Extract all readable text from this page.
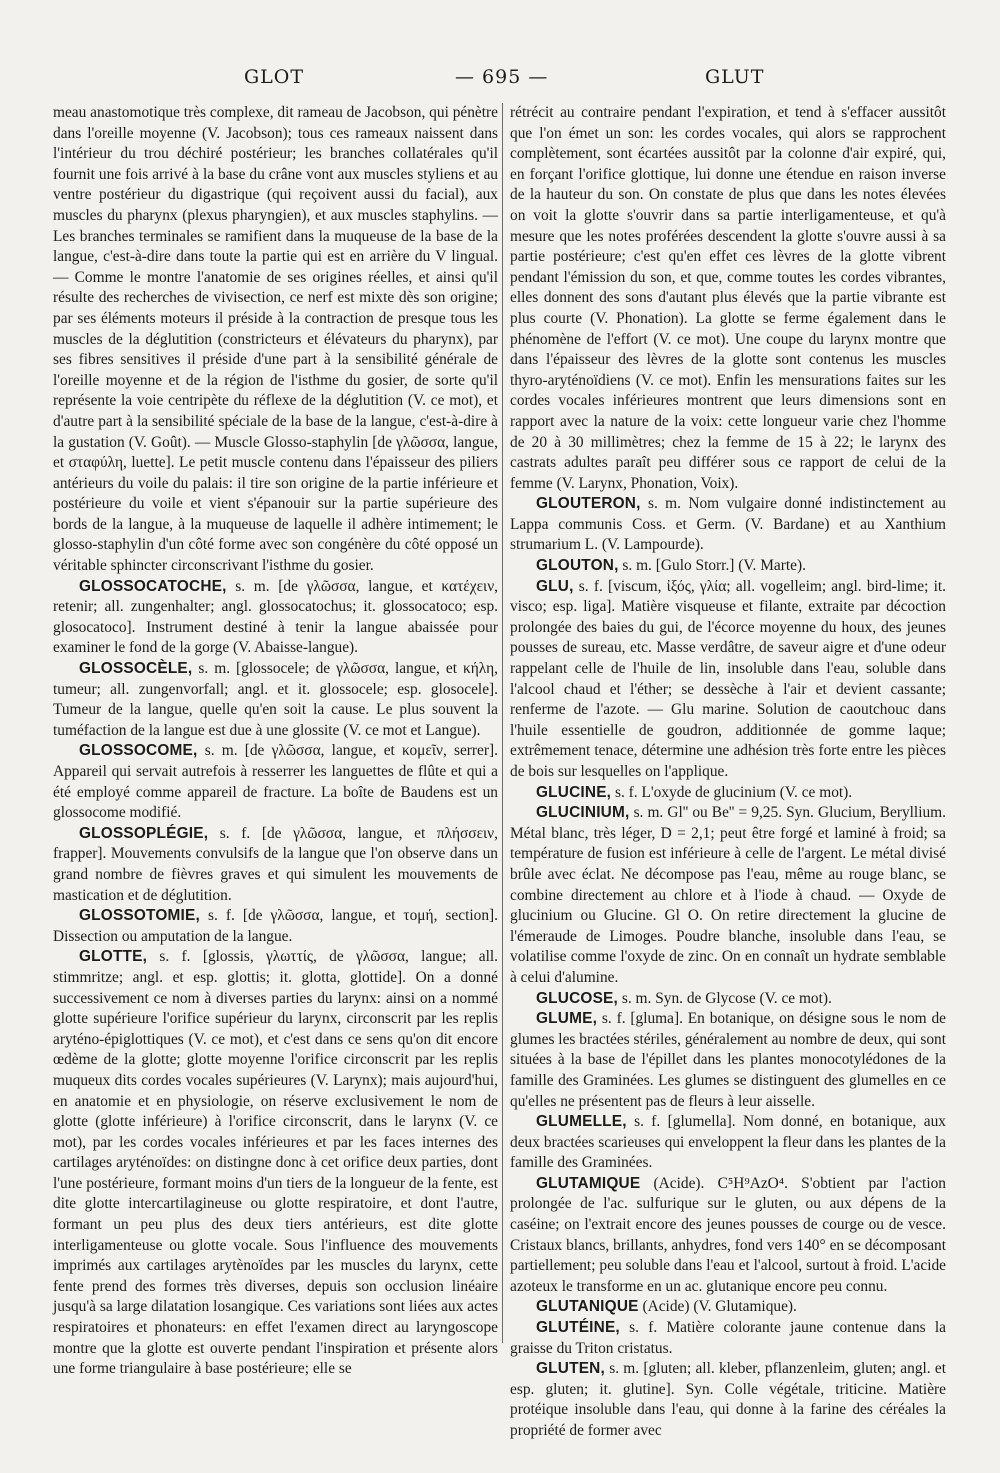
GLOT	— 695 —	GLUT

meau anastomotique très complexe, dit rameau de Jacobson, qui pénètre dans l'oreille moyenne (V. Jacobson); tous ces rameaux naissent dans l'intérieur du trou déchiré postérieur; les branches collatérales qu'il fournit une fois arrivé à la base du crâne vont aux muscles styliens et au ventre postérieur du digastrique (qui reçoivent aussi du facial), aux muscles du pharynx (plexus pharyngien), et aux muscles staphylins. — Les branches terminales se ramifient dans la muqueuse de la base de la langue, c'est-à-dire dans toute la partie qui est en arrière du V lingual. — Comme le montre l'anatomie de ses origines réelles, et ainsi qu'il résulte des recherches de vivisection, ce nerf est mixte dès son origine; par ses éléments moteurs il préside à la contraction de presque tous les muscles de la déglutition (constricteurs et élévateurs du pharynx), par ses fibres sensitives il préside d'une part à la sensibilité générale de l'oreille moyenne et de la région de l'isthme du gosier, de sorte qu'il représente la voie centripète du réflexe de la déglutition (V. ce mot), et d'autre part à la sensibilité spéciale de la base de la langue, c'est-à-dire à la gustation (V. Goût). — Muscle Glosso-staphylin [de γλῶσσα, langue, et σταφύλη, luette]. Le petit muscle contenu dans l'épaisseur des piliers antérieurs du voile du palais: il tire son origine de la partie inférieure et postérieure du voile et vient s'épanouir sur la partie supérieure des bords de la langue, à la muqueuse de laquelle il adhère intimement; le glosso-staphylin d'un côté forme avec son congénère du côté opposé un véritable sphincter circonscrivant l'isthme du gosier.

GLOSSOCATOCHE, s. m. [de γλῶσσα, langue, et κατέχειν, retenir; all. zungenhalter; angl. glossocatochus; it. glossocatoco; esp. glosocatoco]. Instrument destiné à tenir la langue abaissée pour examiner le fond de la gorge (V. Abaisse-langue).

GLOSSOCÈLE, s. m. [glossocele; de γλῶσσα, langue, et κήλη, tumeur; all. zungenvorfall; angl. et it. glossocele; esp. glosocele]. Tumeur de la langue, quelle qu'en soit la cause. Le plus souvent la tuméfaction de la langue est due à une glossite (V. ce mot et Langue).

GLOSSOCOME, s. m. [de γλῶσσα, langue, et κομεῖν, serrer]. Appareil qui servait autrefois à resserrer les languettes de flûte et qui a été employé comme appareil de fracture. La boîte de Baudens est un glossocome modifié.

GLOSSOPLÉGIE, s. f. [de γλῶσσα, langue, et πλήσσειν, frapper]. Mouvements convulsifs de la langue que l'on observe dans un grand nombre de fièvres graves et qui simulent les mouvements de mastication et de déglutition.

GLOSSOTOMIE, s. f. [de γλῶσσα, langue, et τομή, section]. Dissection ou amputation de la langue.

GLOTTE, s. f. [glossis, γλωττίς, de γλῶσσα, langue; all. stimmritze; angl. et esp. glottis; it. glotta, glottide]. On a donné successivement ce nom à diverses parties du larynx: ainsi on a nommé glotte supérieure l'orifice supérieur du larynx, circonscrit par les replis aryténo-épiglottiques (V. ce mot), et c'est dans ce sens qu'on dit encore œdème de la glotte; glotte moyenne l'orifice circonscrit par les replis muqueux dits cordes vocales supérieures (V. Larynx); mais aujourd'hui, en anatomie et en physiologie, on réserve exclusivement le nom de glotte (glotte inférieure) à l'orifice circonscrit, dans le larynx (V. ce mot), par les cordes vocales inférieures et par les faces internes des cartilages aryténoïdes: on distingne donc à cet orifice deux parties, dont l'une postérieure, formant moins d'un tiers de la longueur de la fente, est dite glotte intercartilagineuse ou glotte respiratoire, et dont l'autre, formant un peu plus des deux tiers antérieurs, est dite glotte interligamenteuse ou glotte vocale. Sous l'influence des mouvements imprimés aux cartilages arytènoïdes par les muscles du larynx, cette fente prend des formes très diverses, depuis son occlusion linéaire jusqu'à sa large dilatation losangique. Ces variations sont liées aux actes respiratoires et phonateurs: en effet l'examen direct au laryngoscope montre que la glotte est ouverte pendant l'inspiration et présente alors une forme triangulaire à base postérieure; elle se

rétrécit au contraire pendant l'expiration, et tend à s'effacer aussitôt que l'on émet un son: les cordes vocales, qui alors se rapprochent complètement, sont écartées aussitôt par la colonne d'air expiré, qui, en forçant l'orifice glottique, lui donne une étendue en raison inverse de la hauteur du son. On constate de plus que dans les notes élevées on voit la glotte s'ouvrir dans sa partie interligamenteuse, et qu'à mesure que les notes proférées descendent la glotte s'ouvre aussi à sa partie postérieure; c'est qu'en effet ces lèvres de la glotte vibrent pendant l'émission du son, et que, comme toutes les cordes vibrantes, elles donnent des sons d'autant plus élevés que la partie vibrante est plus courte (V. Phonation). La glotte se ferme également dans le phénomène de l'effort (V. ce mot). Une coupe du larynx montre que dans l'épaisseur des lèvres de la glotte sont contenus les muscles thyro-aryténoïdiens (V. ce mot). Enfin les mensurations faites sur les cordes vocales inférieures montrent que leurs dimensions sont en rapport avec la nature de la voix: cette longueur varie chez l'homme de 20 à 30 millimètres; chez la femme de 15 à 22; le larynx des castrats adultes paraît peu différer sous ce rapport de celui de la femme (V. Larynx, Phonation, Voix).

GLOUTERON, s. m. Nom vulgaire donné indistinctement au Lappa communis Coss. et Germ. (V. Bardane) et au Xanthium strumarium L. (V. Lampourde).

GLOUTON, s. m. [Gulo Storr.] (V. Marte).

GLU, s. f. [viscum, ἰξός, γλία; all. vogelleim; angl. bird-lime; it. visco; esp. liga]. Matière visqueuse et filante, extraite par décoction prolongée des baies du gui, de l'écorce moyenne du houx, des jeunes pousses de sureau, etc. Masse verdâtre, de saveur aigre et d'une odeur rappelant celle de l'huile de lin, insoluble dans l'eau, soluble dans l'alcool chaud et l'éther; se dessèche à l'air et devient cassante; renferme de l'azote. — Glu marine. Solution de caoutchouc dans l'huile essentielle de goudron, additionnée de gomme laque; extrêmement tenace, détermine une adhésion très forte entre les pièces de bois sur lesquelles on l'applique.

GLUCINE, s. f. L'oxyde de glucinium (V. ce mot).

GLUCINIUM, s. m. Gl'' ou Be'' = 9,25. Syn. Glucium, Beryllium. Métal blanc, très léger, D = 2,1; peut être forgé et laminé à froid; sa température de fusion est inférieure à celle de l'argent. Le métal divisé brûle avec éclat. Ne décompose pas l'eau, même au rouge blanc, se combine directement au chlore et à l'iode à chaud. — Oxyde de glucinium ou Glucine. Gl O. On retire directement la glucine de l'émeraude de Limoges. Poudre blanche, insoluble dans l'eau, se volatilise comme l'oxyde de zinc. On en connaît un hydrate semblable à celui d'alumine.

GLUCOSE, s. m. Syn. de Glycose (V. ce mot).

GLUME, s. f. [gluma]. En botanique, on désigne sous le nom de glumes les bractées stériles, généralement au nombre de deux, qui sont situées à la base de l'épillet dans les plantes monocotylédones de la famille des Graminées. Les glumes se distinguent des glumelles en ce qu'elles ne présentent pas de fleurs à leur aisselle.

GLUMELLE, s. f. [glumella]. Nom donné, en botanique, aux deux bractées scarieuses qui enveloppent la fleur dans les plantes de la famille des Graminées.

GLUTAMIQUE (Acide). C⁵H⁹AzO⁴. S'obtient par l'action prolongée de l'ac. sulfurique sur le gluten, ou aux dépens de la caséine; on l'extrait encore des jeunes pousses de courge ou de vesce. Cristaux blancs, brillants, anhydres, fond vers 140° en se décomposant partiellement; peu soluble dans l'eau et l'alcool, surtout à froid. L'acide azoteux le transforme en un ac. glutanique encore peu connu.

GLUTANIQUE (Acide) (V. Glutamique).

GLUTÉINE, s. f. Matière colorante jaune contenue dans la graisse du Triton cristatus.

GLUTEN, s. m. [gluten; all. kleber, pflanzenleim, gluten; angl. et esp. gluten; it. glutine]. Syn. Colle végétale, triticine. Matière protéique insoluble dans l'eau, qui donne à la farine des céréales la propriété de former avec
